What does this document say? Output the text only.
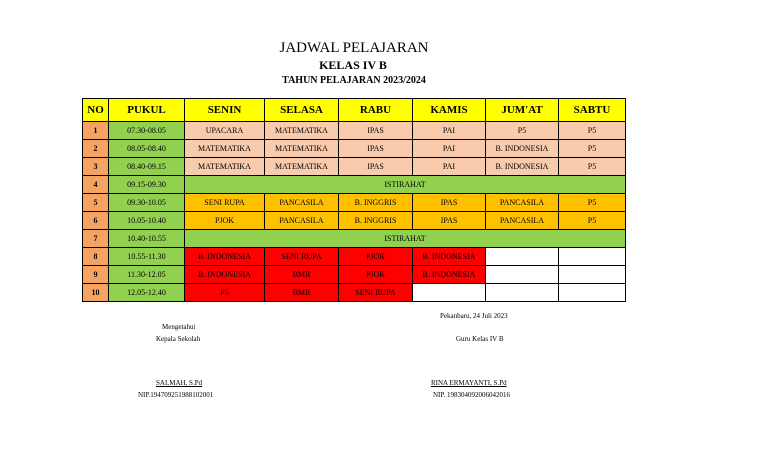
JADWAL PELAJARAN
KELAS IV B
TAHUN PELAJARAN 2023/2024
NO	PUKUL	SENIN	SELASA	RABU	KAMIS	JUM'AT	SABTU
1	07.30-08.05	UPACARA	MATEMATIKA	IPAS	PAI	P5	P5
2	08.05-08.40	MATEMATIKA	MATEMATIKA	IPAS	PAI	B. INDONESIA	P5
3	08.40-09.15	MATEMATIKA	MATEMATIKA	IPAS	PAI	B. INDONESIA	P5
4	09.15-09.30	ISTIRAHAT					
5	09.30-10.05	SENI RUPA	PANCASILA	B. INGGRIS	IPAS	PANCASILA	P5
6	10.05-10.40	PJOK	PANCASILA	B. INGGRIS	IPAS	PANCASILA	P5
7	10.40-10.55	ISTIRAHAT					
8	10.55-11.30	B. INDONESIA	SENI RUPA	PJOK	B. INDONESIA		
9	11.30-12.05	B. INDONESIA	BMR	PJOK	B. INDONESIA		
10	12.05-12.40	P5	BMR	SENI RUPA			
Pekanbaru, 24 Juli 2023
Mengetahui
Kepala Sekolah	Guru Kelas IV B
SALMAH, S.Pd
NIP.194709251988102001
RINA ERMAYANTI, S.Pd
NIP. 198304092006042016
